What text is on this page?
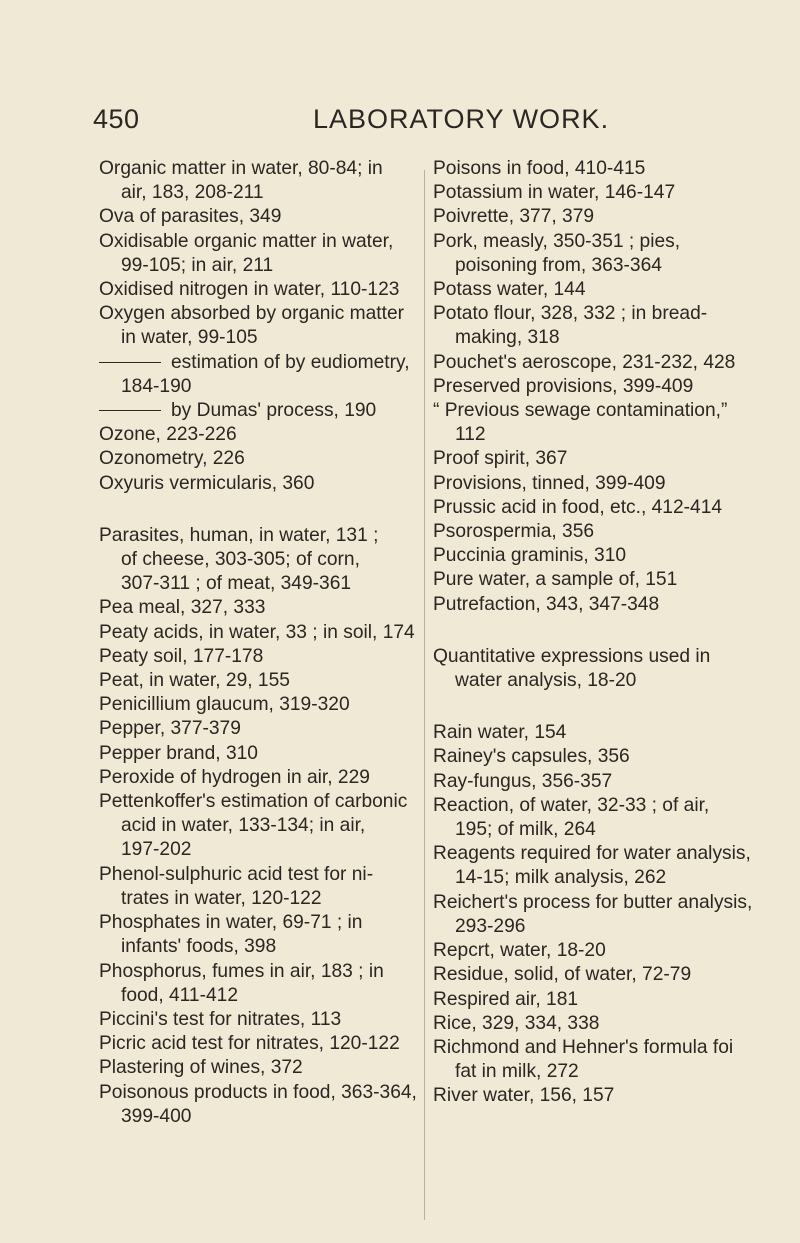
450	LABORATORY WORK.
Organic matter in water, 80-84; in
air, 183, 208-211
Ova of parasites, 349
Oxidisable organic matter in water,
99-105; in air, 211
Oxidised nitrogen in water, 110-123
Oxygen absorbed by organic matter
in water, 99-105
estimation of by eudiometry,
184-190
by Dumas' process, 190
Ozone, 223-226
Ozonometry, 226
Oxyuris vermicularis, 360
Parasites, human, in water, 131 ;
of cheese, 303-305; of corn,
307-311 ; of meat, 349-361
Pea meal, 327, 333
Peaty acids, in water, 33 ; in soil, 174
Peaty soil, 177-178
Peat, in water, 29, 155
Penicillium glaucum, 319-320
Pepper, 377-379
Pepper brand, 310
Peroxide of hydrogen in air, 229
Pettenkoffer's estimation of carbonic
acid in water, 133-134; in air,
197-202
Phenol-sulphuric acid test for ni-
trates in water, 120-122
Phosphates in water, 69-71 ; in
infants' foods, 398
Phosphorus, fumes in air, 183 ; in
food, 411-412
Piccini's test for nitrates, 113
Picric acid test for nitrates, 120-122
Plastering of wines, 372
Poisonous products in food, 363-364,
399-400
Poisons in food, 410-415
Potassium in water, 146-147
Poivrette, 377, 379
Pork, measly, 350-351 ; pies,
poisoning from, 363-364
Potass water, 144
Potato flour, 328, 332 ; in bread-
making, 318
Pouchet's aeroscope, 231-232, 428
Preserved provisions, 399-409
“ Previous sewage contamination,”
112
Proof spirit, 367
Provisions, tinned, 399-409
Prussic acid in food, etc., 412-414
Psorospermia, 356
Puccinia graminis, 310
Pure water, a sample of, 151
Putrefaction, 343, 347-348
Quantitative expressions used in
water analysis, 18-20
Rain water, 154
Rainey's capsules, 356
Ray-fungus, 356-357
Reaction, of water, 32-33 ; of air,
195; of milk, 264
Reagents required for water analysis,
14-15; milk analysis, 262
Reichert's process for butter analysis,
293-296
Repcrt, water, 18-20
Residue, solid, of water, 72-79
Respired air, 181
Rice, 329, 334, 338
Richmond and Hehner's formula foi
fat in milk, 272
River water, 156, 157
